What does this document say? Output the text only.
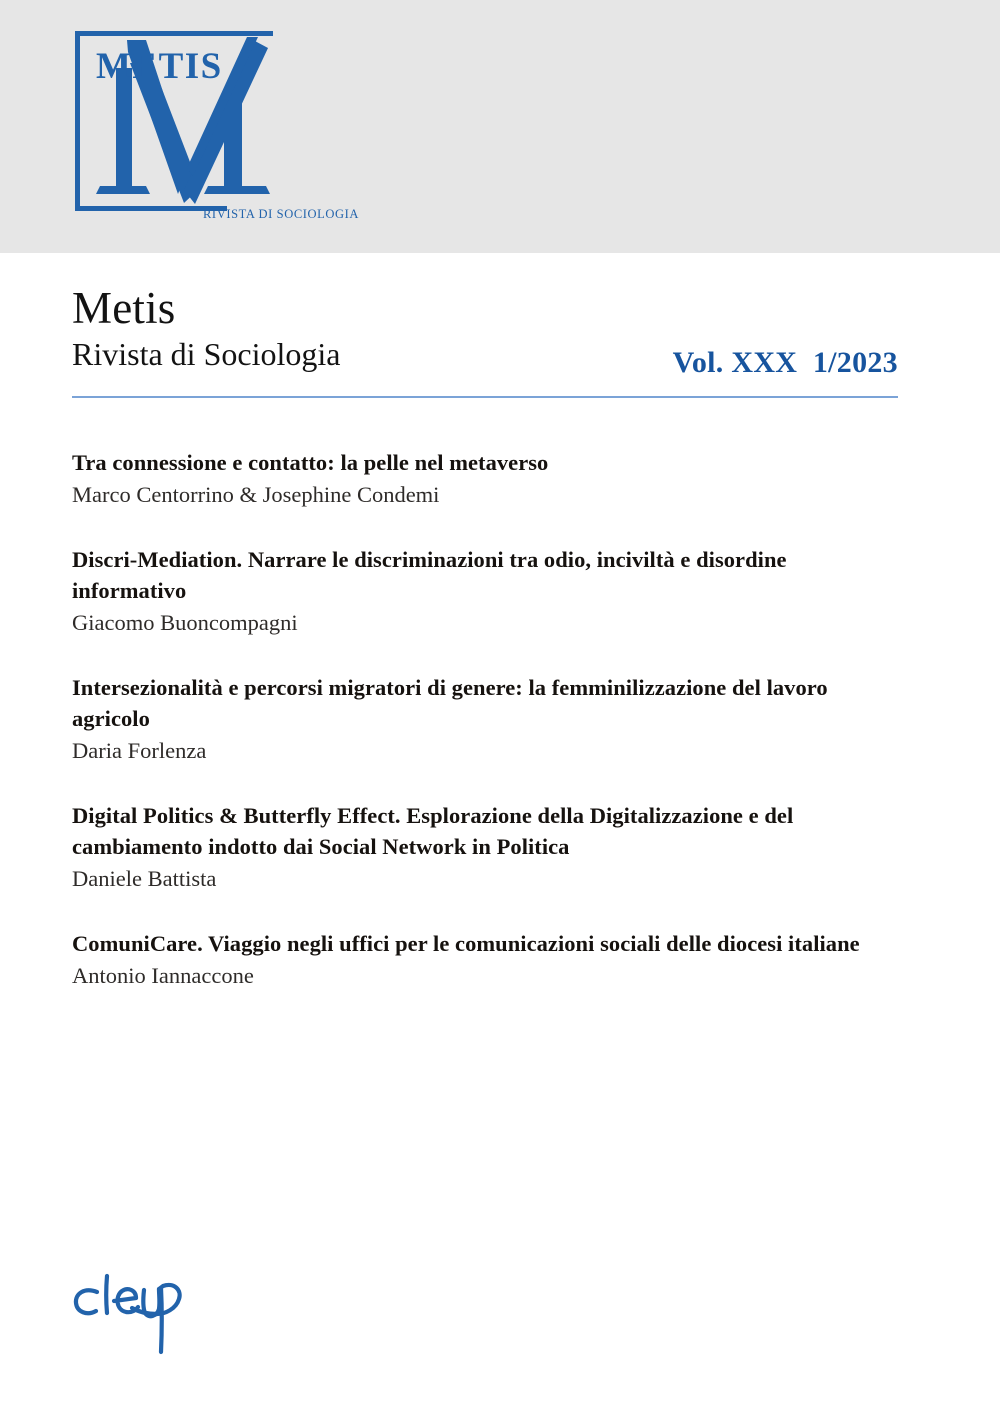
METIS
RIVISTA DI SOCIOLOGIA
Metis
Rivista di Sociologia	Vol. XXX  1/2023

Tra connessione e contatto: la pelle nel metaverso

Marco Centorrino & Josephine Condemi

Discri-Mediation. Narrare le discriminazioni tra odio, inciviltà e disordine informativo

Giacomo Buoncompagni

Intersezionalità e percorsi migratori di genere: la femminilizzazione del lavoro agricolo

Daria Forlenza

Digital Politics & Butterfly Effect. Esplorazione della Digitalizzazione e del cambiamento indotto dai Social Network in Politica

Daniele Battista

ComuniCare. Viaggio negli uffici per le comunicazioni sociali delle diocesi italiane

Antonio Iannaccone
